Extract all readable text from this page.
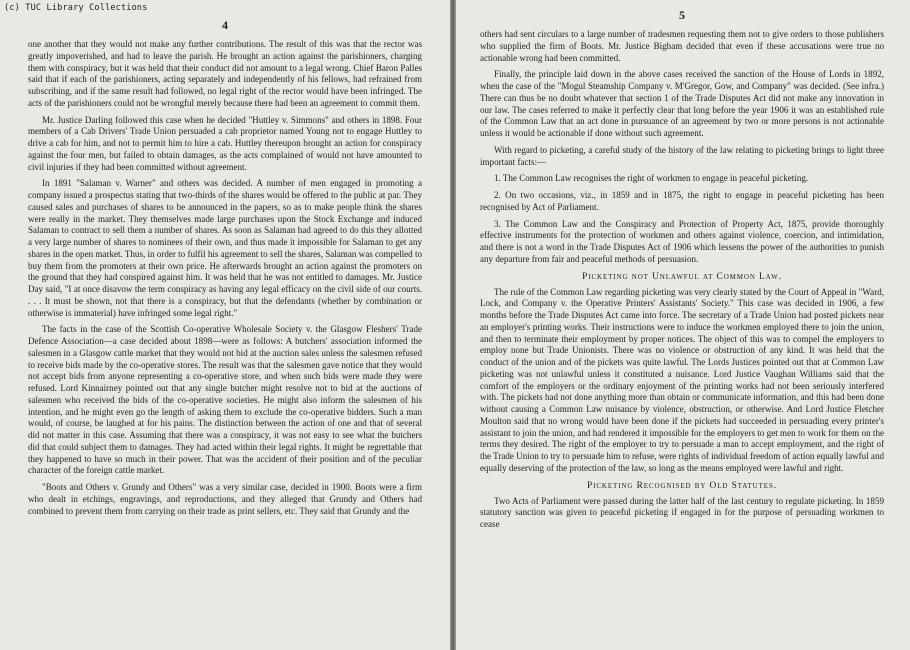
(c) TUC Library Collections
4

one another that they would not make any further contributions. The result of this was that the rector was greatly impoverished, and had to leave the parish. He brought an action against the parishioners, charging them with conspiracy, but it was held that their conduct did not amount to a legal wrong. Chief Baron Palles said that if each of the parishioners, acting separately and independently of his fellows, had refrained from subscribing, and if the same result had followed, no legal right of the rector would have been infringed. The acts of the parishioners could not be wrongful merely because there had been an agreement to commit them.

Mr. Justice Darling followed this case when he decided "Huttley v. Simmons" and others in 1898. Four members of a Cab Drivers' Trade Union persuaded a cab proprietor named Young not to engage Huttley to drive a cab for him, and not to permit him to hire a cab. Huttley thereupon brought an action for conspiracy against the four men, but failed to obtain damages, as the acts complained of would not have amounted to civil injuries if they had been committed without agreement.

In 1891 "Salaman v. Warner" and others was decided. A number of men engaged in promoting a company issued a prospectus stating that two-thirds of the shares would be offered to the public at par. They caused sales and purchases of shares to be announced in the papers, so as to make people think the shares were really in the market. They themselves made large purchases upon the Stock Exchange and induced Salaman to contract to sell them a number of shares. As soon as Salaman had agreed to do this they allotted a very large number of shares to nominees of their own, and thus made it impossible for Salaman to get any shares in the open market. Thus, in order to fulfil his agreement to sell the shares, Salaman was compelled to buy them from the promoters at their own price. He afterwards brought an action against the promoters on the ground that they had conspired against him. It was held that he was not entitled to damages. Mr. Justice Day said, "I at once disavow the term conspiracy as having any legal efficacy on the civil side of our courts. . . . It must be shown, not that there is a conspiracy, but that the defendants (whether by combination or otherwise is immaterial) have infringed some legal right."

The facts in the case of the Scottish Co-operative Wholesale Society v. the Glasgow Fleshers' Trade Defence Association—a case decided about 1898—were as follows: A butchers' association informed the salesmen in a Glasgow cattle market that they would not bid at the auction sales unless the salesmen refused to receive bids made by the co-operative stores. The result was that the salesmen gave notice that they would not accept bids from anyone representing a co-operative store, and when such bids were made they were refused. Lord Kinnairney pointed out that any single butcher might resolve not to bid at the auctions of salesmen who received the bids of the co-operative societies. He might also inform the salesmen of his intention, and he might even go the length of asking them to exclude the co-operative bidders. Such a man would, of course, be laughed at for his pains. The distinction between the action of one and that of several did not matter in this case. Assuming that there was a conspiracy, it was not easy to see what the butchers did that could subject them to damages. They had acted within their legal rights. It might be regrettable that they happened to have so much in their power. That was the accident of their position and of the peculiar character of the foreign cattle market.

"Boots and Others v. Grundy and Others" was a very similar case, decided in 1900. Boots were a firm who dealt in etchings, engravings, and reproductions, and they alleged that Grundy and Others had combined to prevent them from carrying on their trade as print sellers, etc. They said that Grundy and the

5

others had sent circulars to a large number of tradesmen requesting them not to give orders to those publishers who supplied the firm of Boots. Mr. Justice Bigham decided that even if these accusations were true no actionable wrong had been committed.

Finally, the principle laid down in the above cases received the sanction of the House of Lords in 1892, when the case of the "Mogul Steamship Company v. M'Gregor, Gow, and Company" was decided. (See infra.) There can thus be no doubt whatever that section 1 of the Trade Disputes Act did not make any innovation in our law. The cases referred to make it perfectly clear that long before the year 1906 it was an established rule of the Common Law that an act done in pursuance of an agreement by two or more persons is not actionable unless it would be actionable if done without such agreement.

With regard to picketing, a careful study of the history of the law relating to picketing brings to light three important facts:—

1. The Common Law recognises the right of workmen to engage in peaceful picketing.

2. On two occasions, viz., in 1859 and in 1875, the right to engage in peaceful picketing has been recognised by Act of Parliament.

3. The Common Law and the Conspiracy and Protection of Property Act, 1875, provide thoroughly effective instruments for the protection of workmen and others against violence, coercion, and intimidation, and there is not a word in the Trade Disputes Act of 1906 which lessens the power of the authorities to punish any departure from fair and peaceful methods of persuasion.

Picketing not Unlawful at Common Law.

The rule of the Common Law regarding picketing was very clearly stated by the Court of Appeal in "Ward, Lock, and Company v. the Operative Printers' Assistants' Society." This case was decided in 1906, a few months before the Trade Disputes Act came into force. The secretary of a Trade Union had posted pickets near an employer's printing works. Their instructions were to induce the workmen employed there to join the union, and then to terminate their employment by proper notices. The object of this was to compel the employers to employ none but Trade Unionists. There was no violence or obstruction of any kind. It was held that the conduct of the union and of the pickets was quite lawful. The Lords Justices pointed out that at Common Law picketing was not unlawful unless it constituted a nuisance. Lord Justice Vaughan Williams said that the comfort of the employers or the ordinary enjoyment of the printing works had not been seriously interfered with. The pickets had not done anything more than obtain or communicate information, and this had been done without causing a Common Law nuisance by violence, obstruction, or otherwise. And Lord Justice Fletcher Moulton said that no wrong would have been done if the pickets had succeeded in persuading every printer's assistant to join the union, and had rendered it impossible for the employers to get men to work for them on the terms they desired. The right of the employer to try to persuade a man to accept employment, and the right of the Trade Union to try to persuade him to refuse, were rights of individual freedom of action equally lawful and equally deserving of the protection of the law, so long as the means employed were lawful and right.

Picketing Recognised by Old Statutes.

Two Acts of Parliament were passed during the latter half of the last century to regulate picketing. In 1859 statutory sanction was given to peaceful picketing if engaged in for the purpose of persuading workmen to cease
